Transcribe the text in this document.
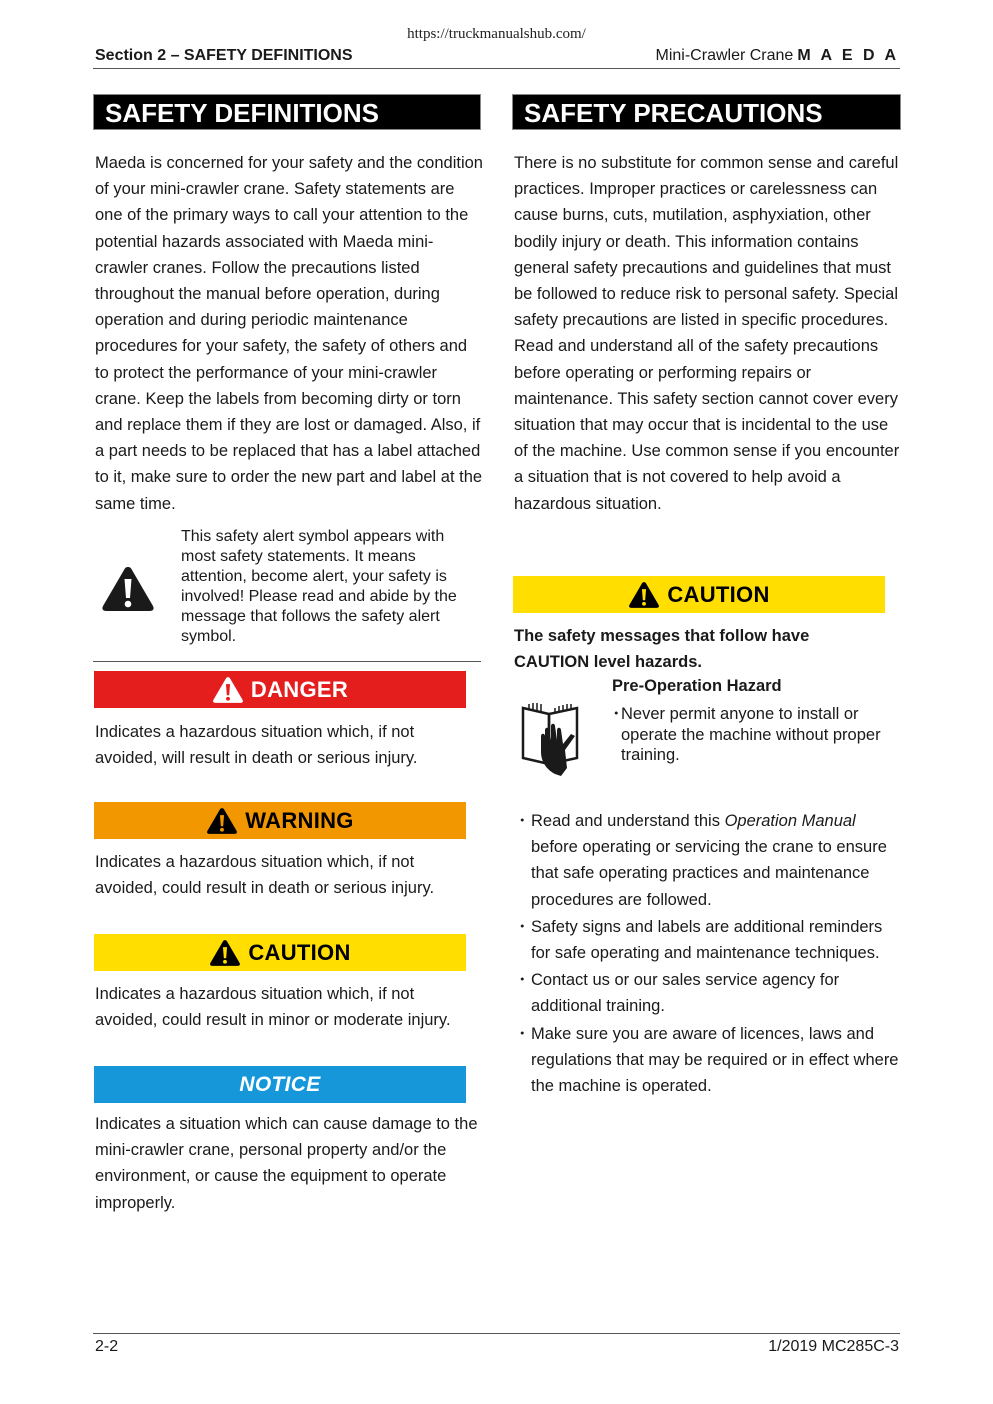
https://truckmanualshub.com/
Section 2 – SAFETY DEFINITIONS	Mini-Crawler Crane M A E D A
SAFETY DEFINITIONS
Maeda is concerned for your safety and the condition of your mini-crawler crane. Safety statements are one of the primary ways to call your attention to the potential hazards associated with Maeda mini-crawler cranes. Follow the precautions listed throughout the manual before operation, during operation and during periodic maintenance procedures for your safety, the safety of others and to protect the performance of your mini-crawler crane. Keep the labels from becoming dirty or torn and replace them if they are lost or damaged. Also, if a part needs to be replaced that has a label attached to it, make sure to order the new part and label at the same time.
This safety alert symbol appears with most safety statements. It means attention, become alert, your safety is involved! Please read and abide by the message that follows the safety alert symbol.
DANGER
Indicates a hazardous situation which, if not avoided, will result in death or serious injury.
WARNING
Indicates a hazardous situation which, if not avoided, could result in death or serious injury.
CAUTION
Indicates a hazardous situation which, if not avoided, could result in minor or moderate injury.
NOTICE
Indicates a situation which can cause damage to the mini-crawler crane, personal property and/or the environment, or cause the equipment to operate improperly.
SAFETY PRECAUTIONS
There is no substitute for common sense and careful practices. Improper practices or carelessness can cause burns, cuts, mutilation, asphyxiation, other bodily injury or death. This information contains general safety precautions and guidelines that must be followed to reduce risk to personal safety. Special safety precautions are listed in specific procedures. Read and understand all of the safety precautions before operating or performing repairs or maintenance. This safety section cannot cover every situation that may occur that is incidental to the use of the machine. Use common sense if you encounter a situation that is not covered to help avoid a hazardous situation.
CAUTION
The safety messages that follow have CAUTION level hazards.
Pre-Operation Hazard
・
Never permit anyone to install or operate the machine without proper training.
・ Read and understand this Operation Manual before operating or servicing the crane to ensure that safe operating practices and maintenance procedures are followed.
・ Safety signs and labels are additional reminders for safe operating and maintenance techniques.
・ Contact us or our sales service agency for additional training.
・ Make sure you are aware of licences, laws and regulations that may be required or in effect where the machine is operated.
2-2	1/2019 MC285C-3
